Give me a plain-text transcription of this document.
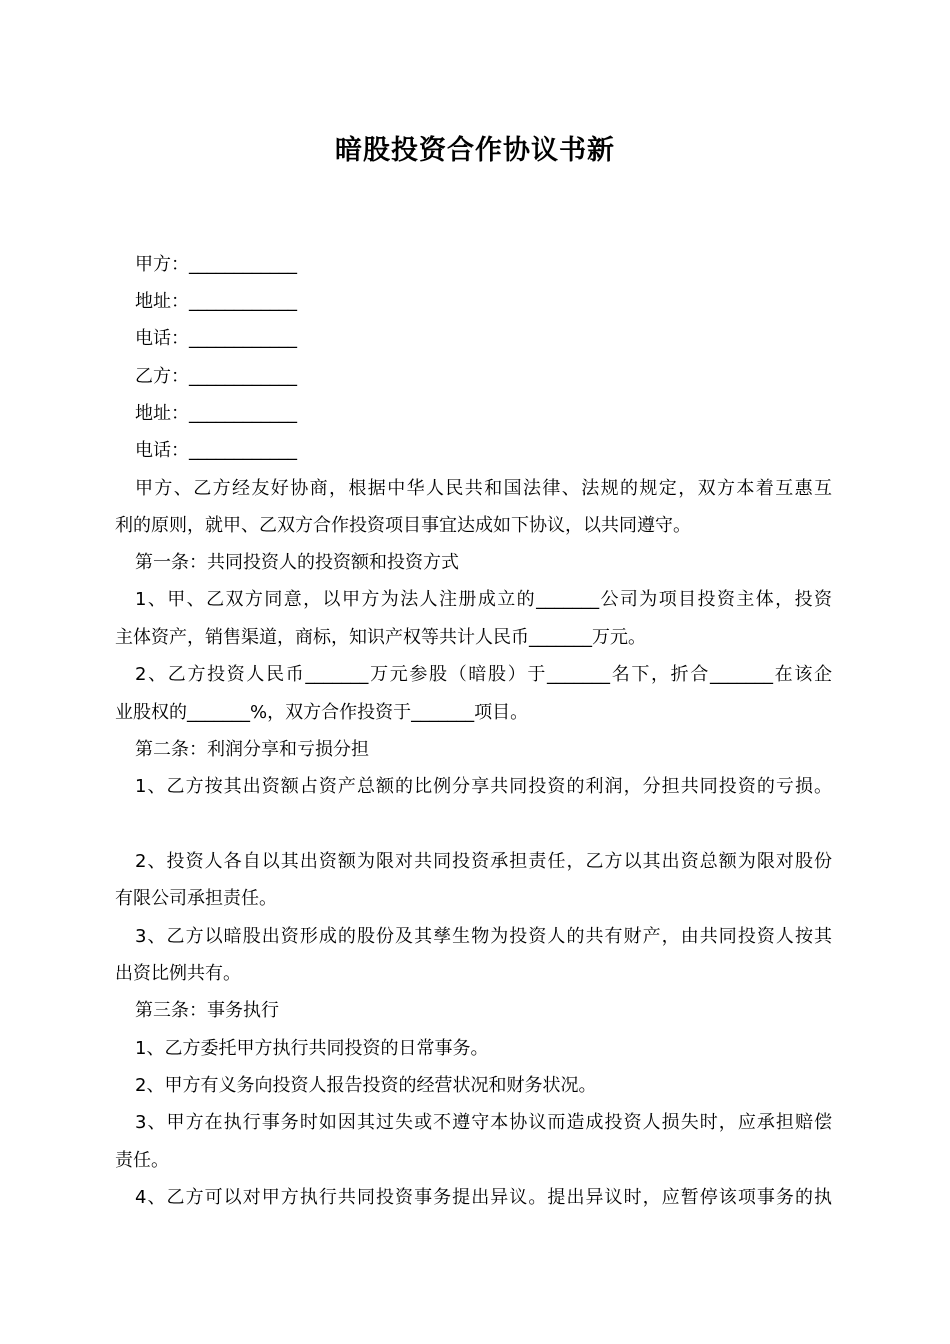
暗股投资合作协议书新
甲方：____________
地址：____________
电话：____________
乙方：____________
地址：____________
电话：____________
甲方、乙方经友好协商，根据中华人民共和国法律、法规的规定，双方本着互惠互
利的原则，就甲、乙双方合作投资项目事宜达成如下协议，以共同遵守。
第一条：共同投资人的投资额和投资方式
1、甲、乙双方同意，以甲方为法人注册成立的_______公司为项目投资主体，投资
主体资产，销售渠道，商标，知识产权等共计人民币_______万元。
2、乙方投资人民币_______万元参股（暗股）于_______名下，折合_______在该企
业股权的_______%，双方合作投资于_______项目。
第二条：利润分享和亏损分担
1、乙方按其出资额占资产总额的比例分享共同投资的利润，分担共同投资的亏损。
2、投资人各自以其出资额为限对共同投资承担责任，乙方以其出资总额为限对股份
有限公司承担责任。
3、乙方以暗股出资形成的股份及其孳生物为投资人的共有财产，由共同投资人按其
出资比例共有。
第三条：事务执行
1、乙方委托甲方执行共同投资的日常事务。
2、甲方有义务向投资人报告投资的经营状况和财务状况。
3、甲方在执行事务时如因其过失或不遵守本协议而造成投资人损失时，应承担赔偿
责任。
4、乙方可以对甲方执行共同投资事务提出异议。提出异议时，应暂停该项事务的执
